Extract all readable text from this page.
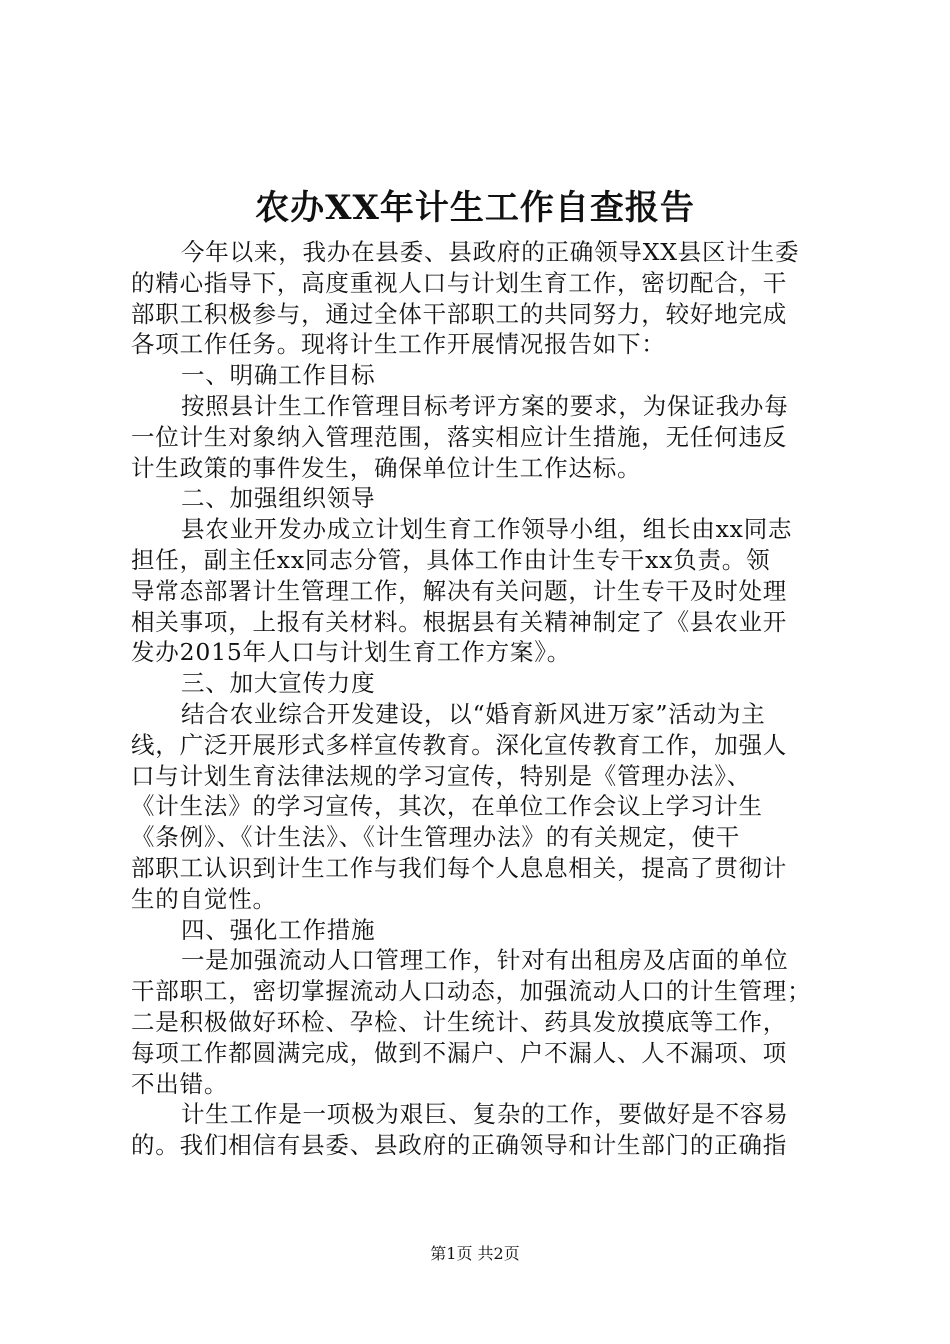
农办XX年计生工作自查报告
今年以来，我办在县委、县政府的正确领导XX县区计生委
的精心指导下，高度重视人口与计划生育工作，密切配合，干
部职工积极参与，通过全体干部职工的共同努力，较好地完成
各项工作任务。现将计生工作开展情况报告如下：
一、明确工作目标
按照县计生工作管理目标考评方案的要求，为保证我办每
一位计生对象纳入管理范围，落实相应计生措施，无任何违反
计生政策的事件发生，确保单位计生工作达标。
二、加强组织领导
县农业开发办成立计划生育工作领导小组，组长由xx同志
担任，副主任xx同志分管，具体工作由计生专干xx负责。领
导常态部署计生管理工作，解决有关问题，计生专干及时处理
相关事项，上报有关材料。根据县有关精神制定了《县农业开
发办2015年人口与计划生育工作方案》。
三、加大宣传力度
结合农业综合开发建设，以“婚育新风进万家”活动为主
线，广泛开展形式多样宣传教育。深化宣传教育工作，加强人
口与计划生育法律法规的学习宣传，特别是《管理办法》、
《计生法》的学习宣传，其次，在单位工作会议上学习计生
《条例》、《计生法》、《计生管理办法》的有关规定，使干
部职工认识到计生工作与我们每个人息息相关，提高了贯彻计
生的自觉性。
四、强化工作措施
一是加强流动人口管理工作，针对有出租房及店面的单位
干部职工，密切掌握流动人口动态，加强流动人口的计生管理；
二是积极做好环检、孕检、计生统计、药具发放摸底等工作，
每项工作都圆满完成，做到不漏户、户不漏人、人不漏项、项
不出错。
计生工作是一项极为艰巨、复杂的工作，要做好是不容易
的。我们相信有县委、县政府的正确领导和计生部门的正确指
第1页 共2页
